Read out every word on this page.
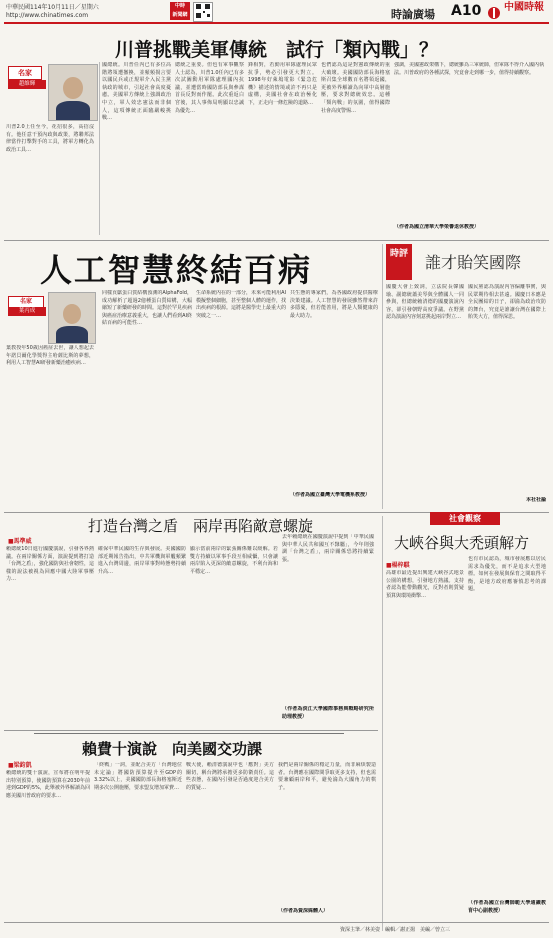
中華民國114年10月11日／星期六
http://www.chinatimes.com
中時
新聞網	時論廣場 A10	中國時報
川普挑戰美軍傳統　試行「類內戰」？
名家
趙維輝
川普2.0上任至今，花招很多，高招沒有。他任意干預內政與政策，將聯邦法律當作打擊對手的工具，將軍方轉化為政治工具…
國總統。川普任內已有多位高階將領遭撤換，並頻頻揚言要以國民兵或正規軍介入民主黨執政的城市，引起社會高度憂慮。美國軍方傳統上強調政治中立，軍人效忠憲法而非個人，這項傳統正面臨嚴峻挑戰…
總統之重要。但也有軍事觀察人士認為，川普1.0任內已有多次試圖動用軍隊處理國內抗議，並遭當時國防部長與參謀首長反對而作罷。此次重返白宮後，其人事佈局明顯以忠誠為優先…
鋒相對，若動用軍隊處理民眾抗爭，勢必引發更大對立。1998年好萊塢電影《緊急危機》描述的情境或許不再只是虛構，美國社會在政治極化下，正走向一條危險的道路…
也們認為這是對憲政傳統的重大破壞。美國國防部長海格塞斯召集全球數百名將領返國，更被外界解讀為向軍中高層施壓，要求對總統效忠。這種「類內戰」的氛圍，值得國際社會高度警惕…
強調，美國憲政架構下，總統雖為三軍統帥，但軍隊不得介入國內執法。川普政府的各種試探，究竟會走到哪一步，值得持續觀察。
（作者為國立清華大學榮譽退休教授）
人工智慧終結百病
名家
葉丙成
葉教授年50歲因癌症去世，讓人想起去年諾貝爾化學獎得主哈薩比斯的夢想，利用人工智慧AI研發新藥治癒疾病…
同樣貢獻蛋白質結構預測的AlphaFold，成功解析了超過2億種蛋白質結構，大幅縮短了新藥研發的時間。這對於罕見疾病與癌症治療意義重大，也讓人們看到AI終結百病的可能性…
生命系統內在的一部分，未來可能利用AI模擬整個細胞，甚至整個人體的運作，找出疾病的根源。這將是醫學史上最重大的突破之一…
共生態的專家們，為各國政府提供醫療決策建議。人工智慧的發展雖然帶來許多隱憂，但若能善用，將是人類健康的最大助力。
（作者為國立臺灣大學電機系教授）
時評 誰才貽笑國際
國慶大會上致詞，立法院長韓國瑜、副總統蕭美琴與全體國人一同參與，但總統賴清德的國慶演說內容，卻引發朝野高度爭議。在野黨認為演說內容刻意挑起兩岸對立…
國民黨認為演說內容偏離事實，與民眾期待相去甚遠。國慶日本應是全民團結的日子，卻淪為政治攻防的舞台，究竟是誰讓台灣在國際上貽笑大方，值得深思。
本社社論
打造台灣之盾　兩岸再陷敵意螺旋
■馬準威
賴總統10日進行國慶演說，引發各界熱議。在兩岸關係方面，演說提到將打造「台灣之盾」，強化國防與社會韌性，這樣的說法被視為回應中國大陸軍事壓力…
確保中華民國的生存與發展。美國國防部近期報告指出，中共軍機與軍艦頻繁進入台灣周邊，兩岸軍事對峙態勢持續升高…
顯示當前兩岸的緊張關係難以緩解。若雙方持續以軍事手段互相威懾，只會讓兩岸陷入更深的敵意螺旋，不利台海和平穩定…
去年賴總統在國慶演說中提到「中華民國與中華人民共和國互不隸屬」，今年則強調「台灣之盾」，兩岸關係恐將持續緊張。
（作者為淡江大學國際事務與戰略研究所助理教授）
社會觀察
大峽谷與大禿頭解方
■楊梓騏
高雄市最近提出興建大峽谷式地景公園的構想，引發地方熱議。支持者認為能帶動觀光，反對者則質疑預算與環境衝擊…
也有市民認為，城市發展應以居民需求為優先，而不是追求大型地標。如何在發展與保育之間取得平衡，是地方政府應審慎思考的課題。
（作者為國立台灣師範大學通識教育中心副教授）
賴費十演說　向美國交功課
■梁鈞凱
賴總統的雙十演說，宣布將在明年提出特別預算，使國防預算在2030年前達到GDP的5%，此舉被外界解讀為回應美國川普政府的要求…
「終戰」一詞，並配合美方「台灣地位未定論」將國防預算提升至GDP的3.32%以上，美國國防部長海格塞斯近期多次公開施壓，要求盟友增加軍費…
戰大使，賴清德演說中也「應對」美方關切，稱台灣將承擔更多防衛責任。這些表態，在國內引發是否過度迎合美方的質疑…
我們是兩岸關係的穩定力量，而非麻煩製造者。台灣應在國際間爭取更多支持，但也需要兼顧兩岸和平，避免淪為大國角力的棋子。
（作者為資深媒體人）
資深主筆／林美姿　編輯／謝正揚　美編／曾立三
